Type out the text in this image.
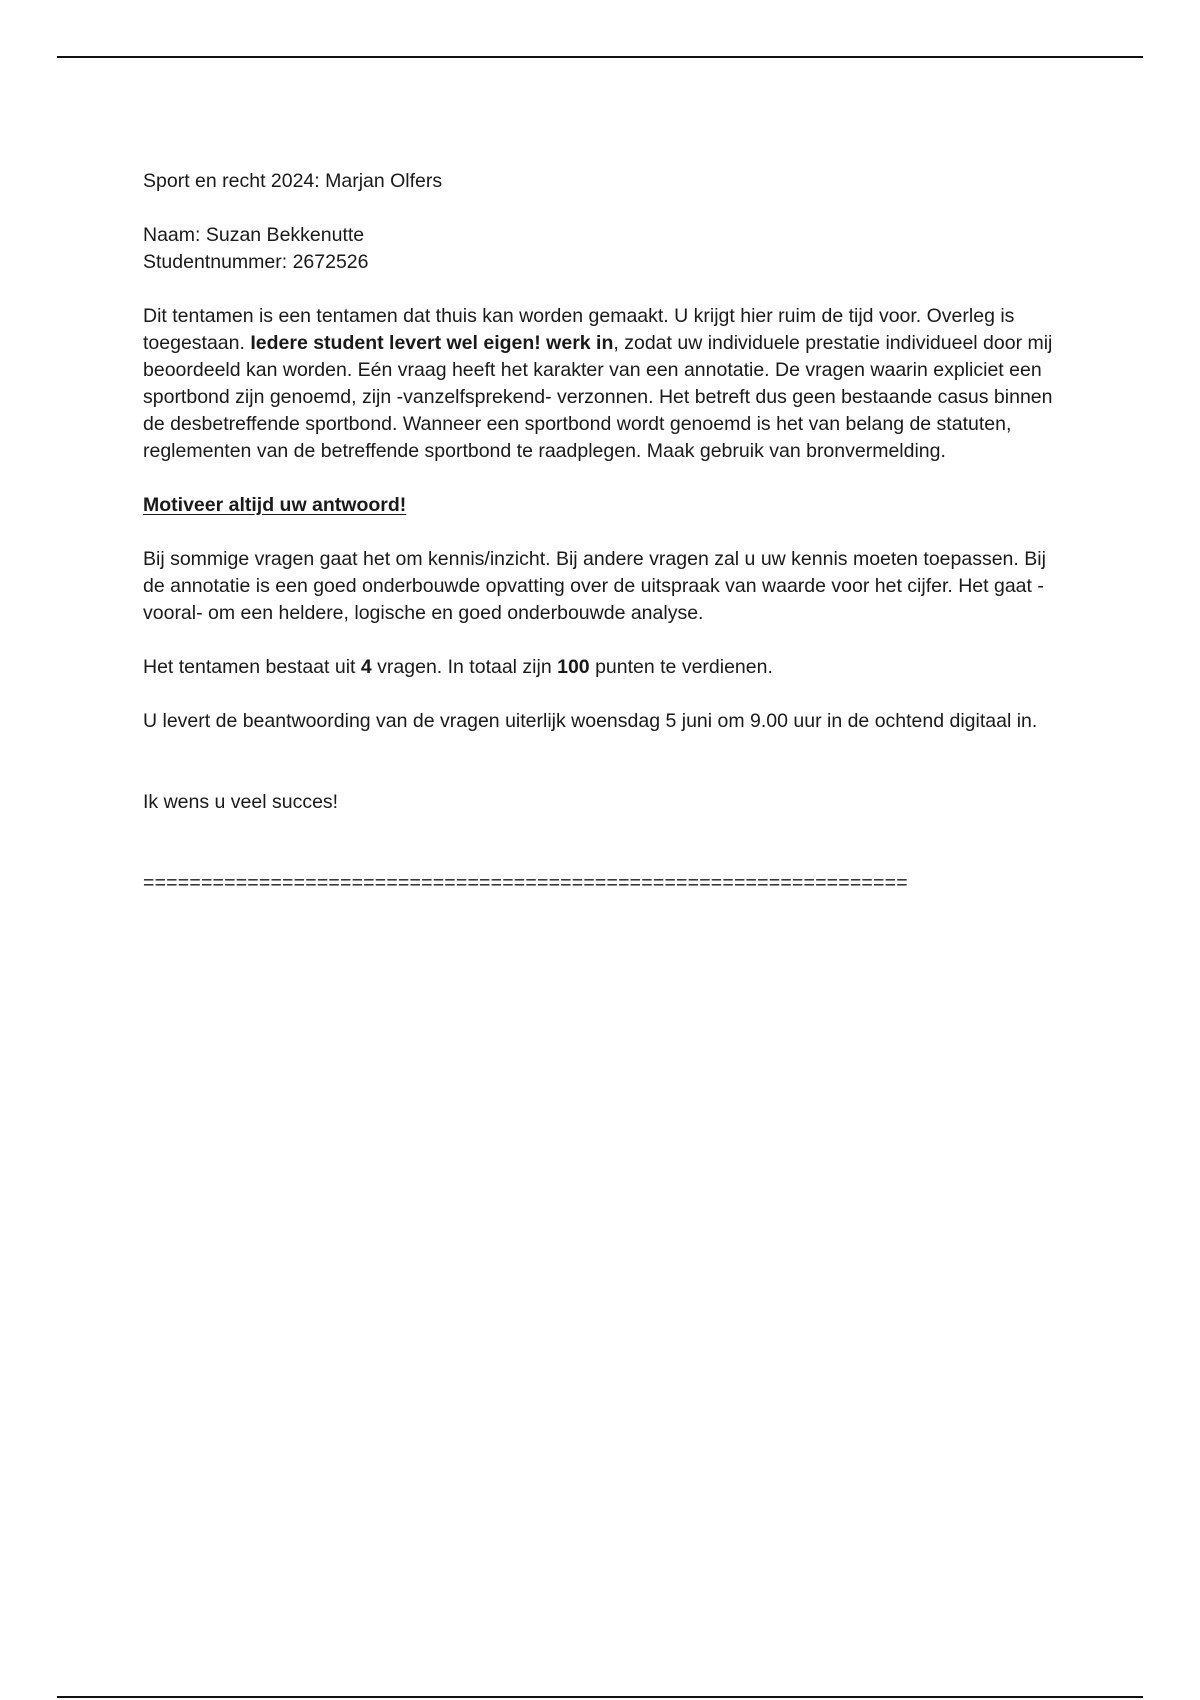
Sport en recht 2024: Marjan Olfers

Naam: Suzan Bekkenutte

Studentnummer: 2672526

Dit tentamen is een tentamen dat thuis kan worden gemaakt. U krijgt hier ruim de tijd voor. Overleg is toegestaan. Iedere student levert wel eigen! werk in, zodat uw individuele prestatie individueel door mij beoordeeld kan worden. Eén vraag heeft het karakter van een annotatie. De vragen waarin expliciet een sportbond zijn genoemd, zijn -vanzelfsprekend- verzonnen. Het betreft dus geen bestaande casus binnen de desbetreffende sportbond. Wanneer een sportbond wordt genoemd is het van belang de statuten, reglementen van de betreffende sportbond te raadplegen. Maak gebruik van bronvermelding.

Motiveer altijd uw antwoord!

Bij sommige vragen gaat het om kennis/inzicht. Bij andere vragen zal u uw kennis moeten toepassen. Bij de annotatie is een goed onderbouwde opvatting over de uitspraak van waarde voor het cijfer. Het gaat -vooral- om een heldere, logische en goed onderbouwde analyse.

Het tentamen bestaat uit 4 vragen. In totaal zijn 100 punten te verdienen.

U levert de beantwoording van de vragen uiterlijk woensdag 5 juni om 9.00 uur in de ochtend digitaal in.

Ik wens u veel succes!

==================================================================
